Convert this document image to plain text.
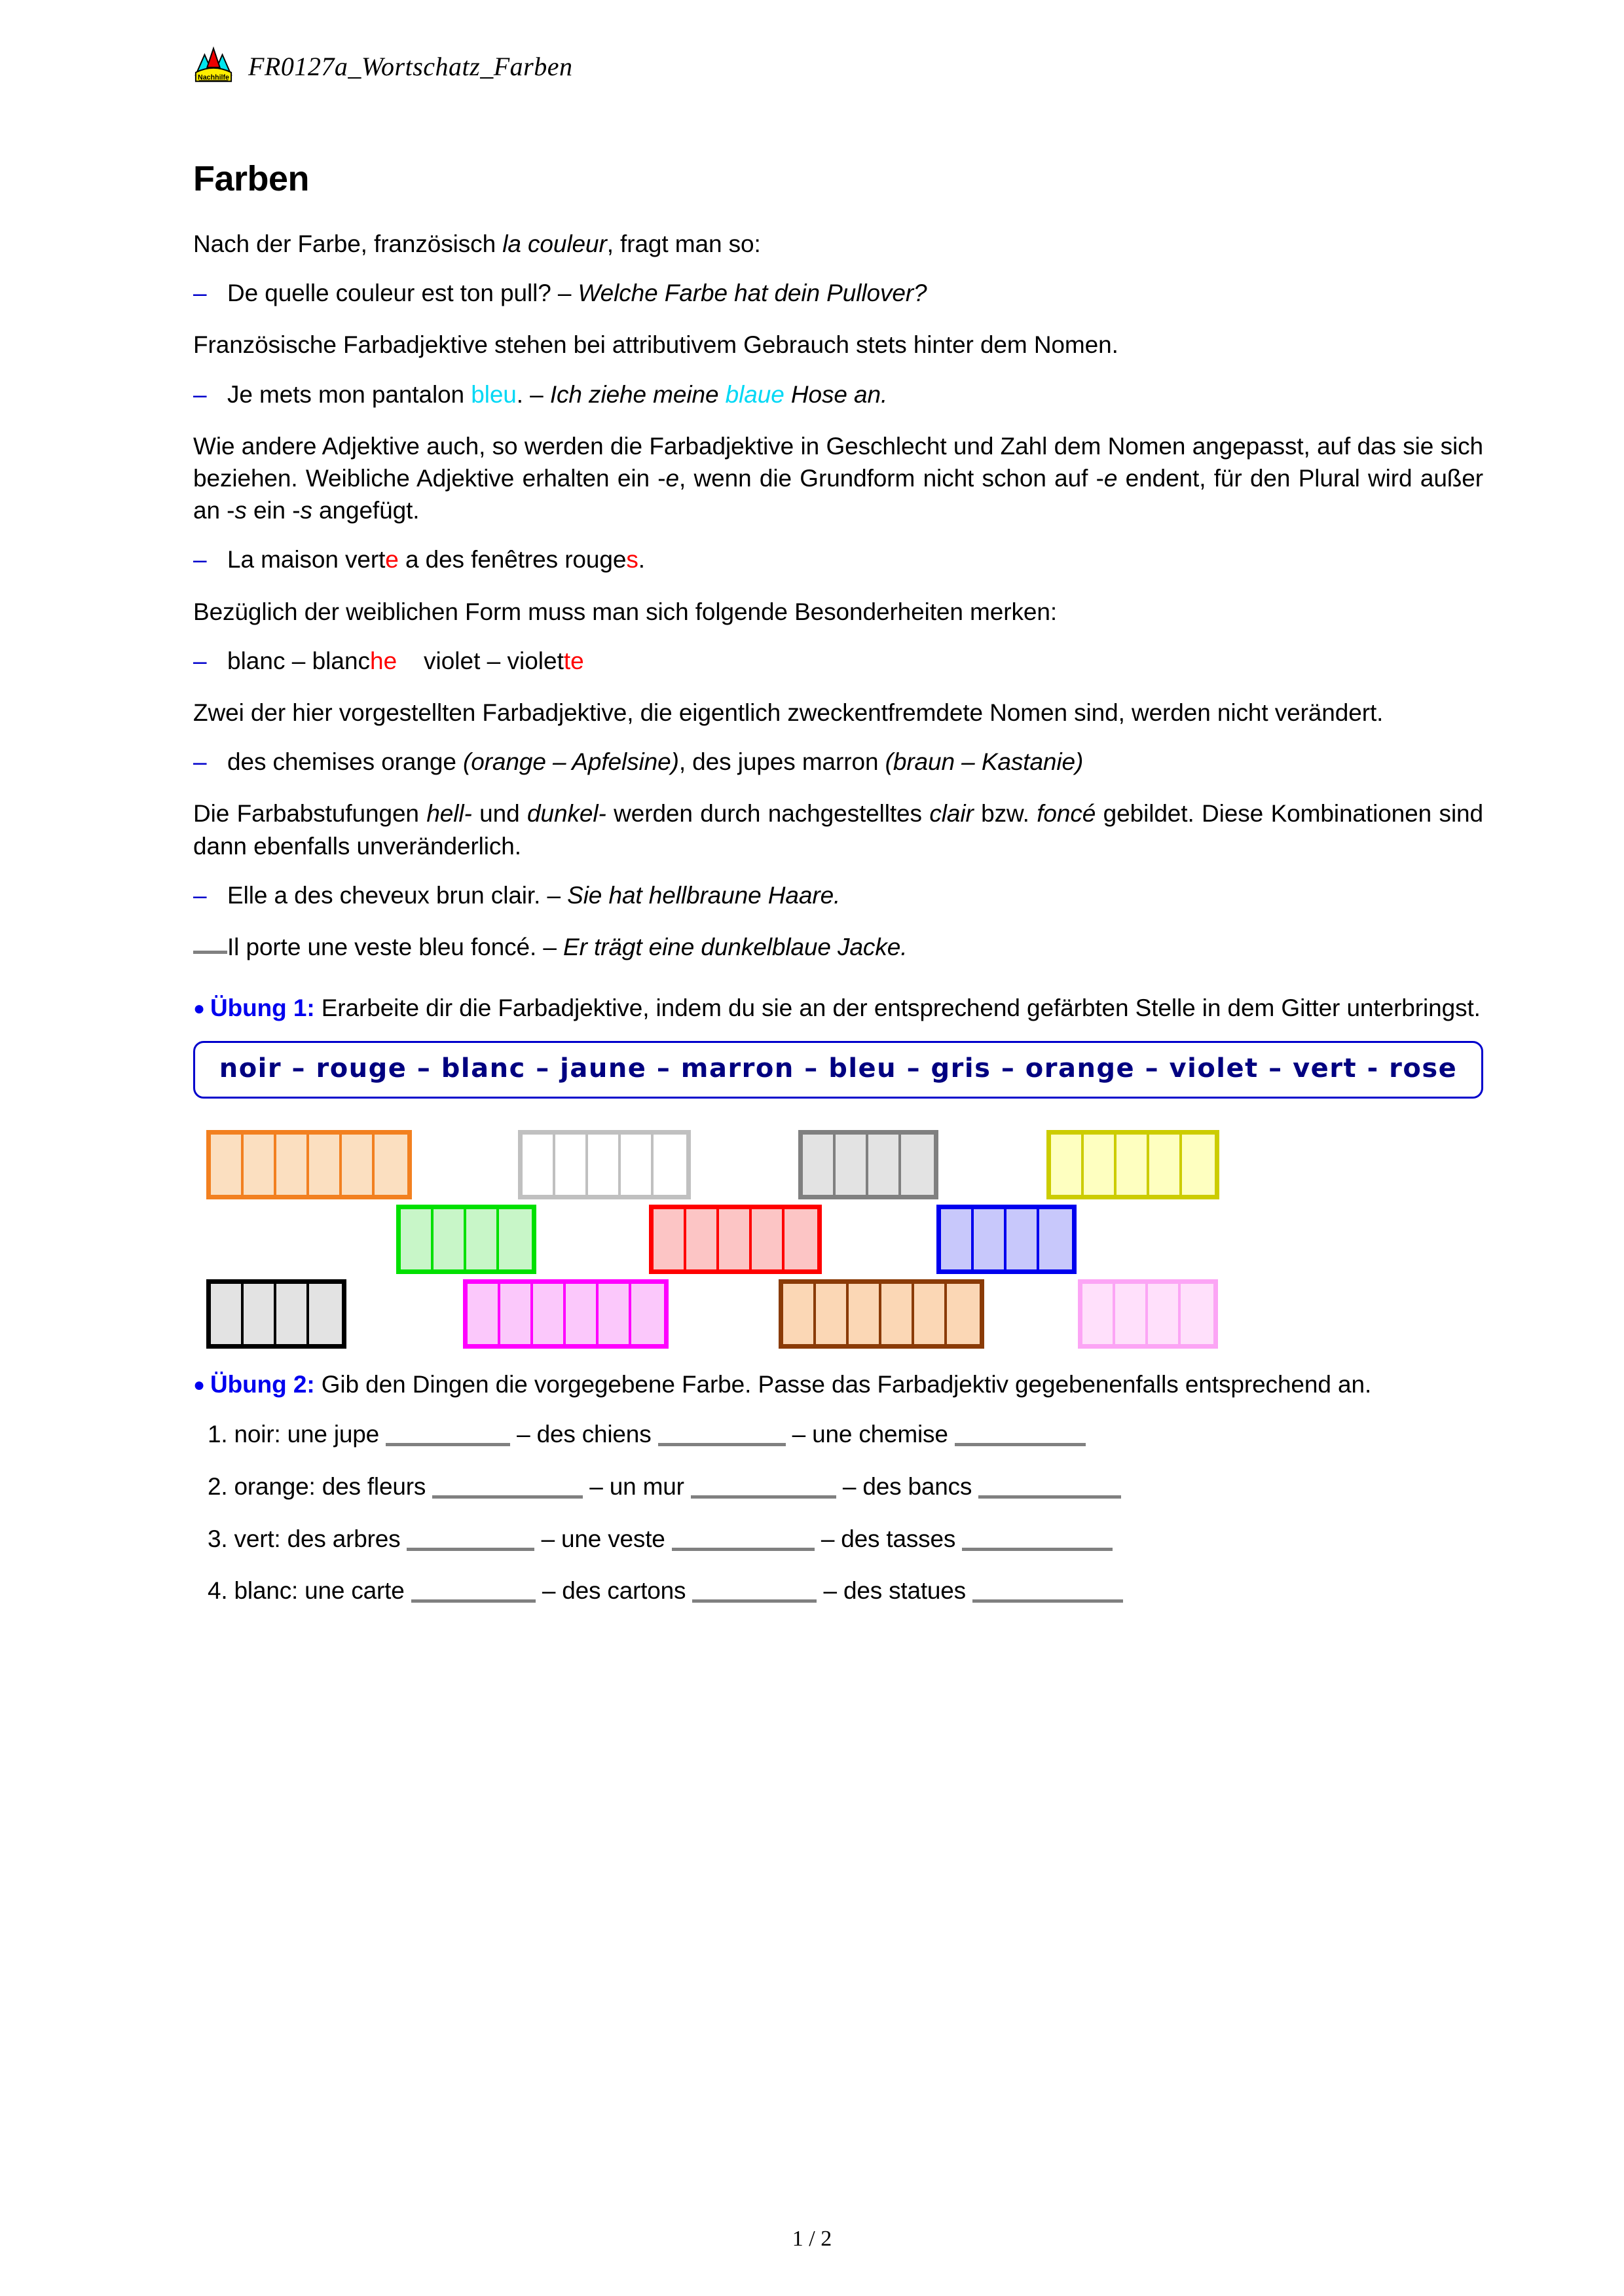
Nachhilfe FR0127a_Wortschatz_Farben
Farben

Nach der Farbe, französisch la couleur, fragt man so:

– De quelle couleur est ton pull? – Welche Farbe hat dein Pullover?

Französische Farbadjektive stehen bei attributivem Gebrauch stets hinter dem Nomen.

– Je mets mon pantalon bleu. – Ich ziehe meine blaue Hose an.

Wie andere Adjektive auch, so werden die Farbadjektive in Geschlecht und Zahl dem Nomen angepasst, auf das sie sich beziehen. Weibliche Adjektive erhalten ein -e, wenn die Grundform nicht schon auf -e endent, für den Plural wird außer an -s ein -s angefügt.

– La maison verte a des fenêtres rouges.

Bezüglich der weiblichen Form muss man sich folgende Besonderheiten merken:

– blanc – blanche	violet – violette

Zwei der hier vorgestellten Farbadjektive, die eigentlich zweckentfremdete Nomen sind, werden nicht verändert.

– des chemises orange (orange – Apfelsine), des jupes marron (braun – Kastanie)

Die Farbabstufungen hell- und dunkel- werden durch nachgestelltes clair bzw. foncé gebildet. Diese Kombinationen sind dann ebenfalls unveränderlich.

– Elle a des cheveux brun clair. – Sie hat hellbraune Haare.
Il porte une veste bleu foncé. – Er trägt eine dunkelblaue Jacke.

● Übung 1: Erarbeite dir die Farbadjektive, indem du sie an der entsprechend gefärbten Stelle in dem Gitter unterbringst.

noir – rouge – blanc – jaune – marron – bleu – gris – orange – violet – vert - rose

● Übung 2: Gib den Dingen die vorgegebene Farbe. Passe das Farbadjektiv gegebenenfalls entsprechend an.

1. noir: une jupe	– des chiens	– une chemise
2. orange: des fleurs	– un mur	– des bancs
3. vert: des arbres	– une veste	– des tasses
4. blanc: une carte	– des cartons	– des statues
1 / 2
